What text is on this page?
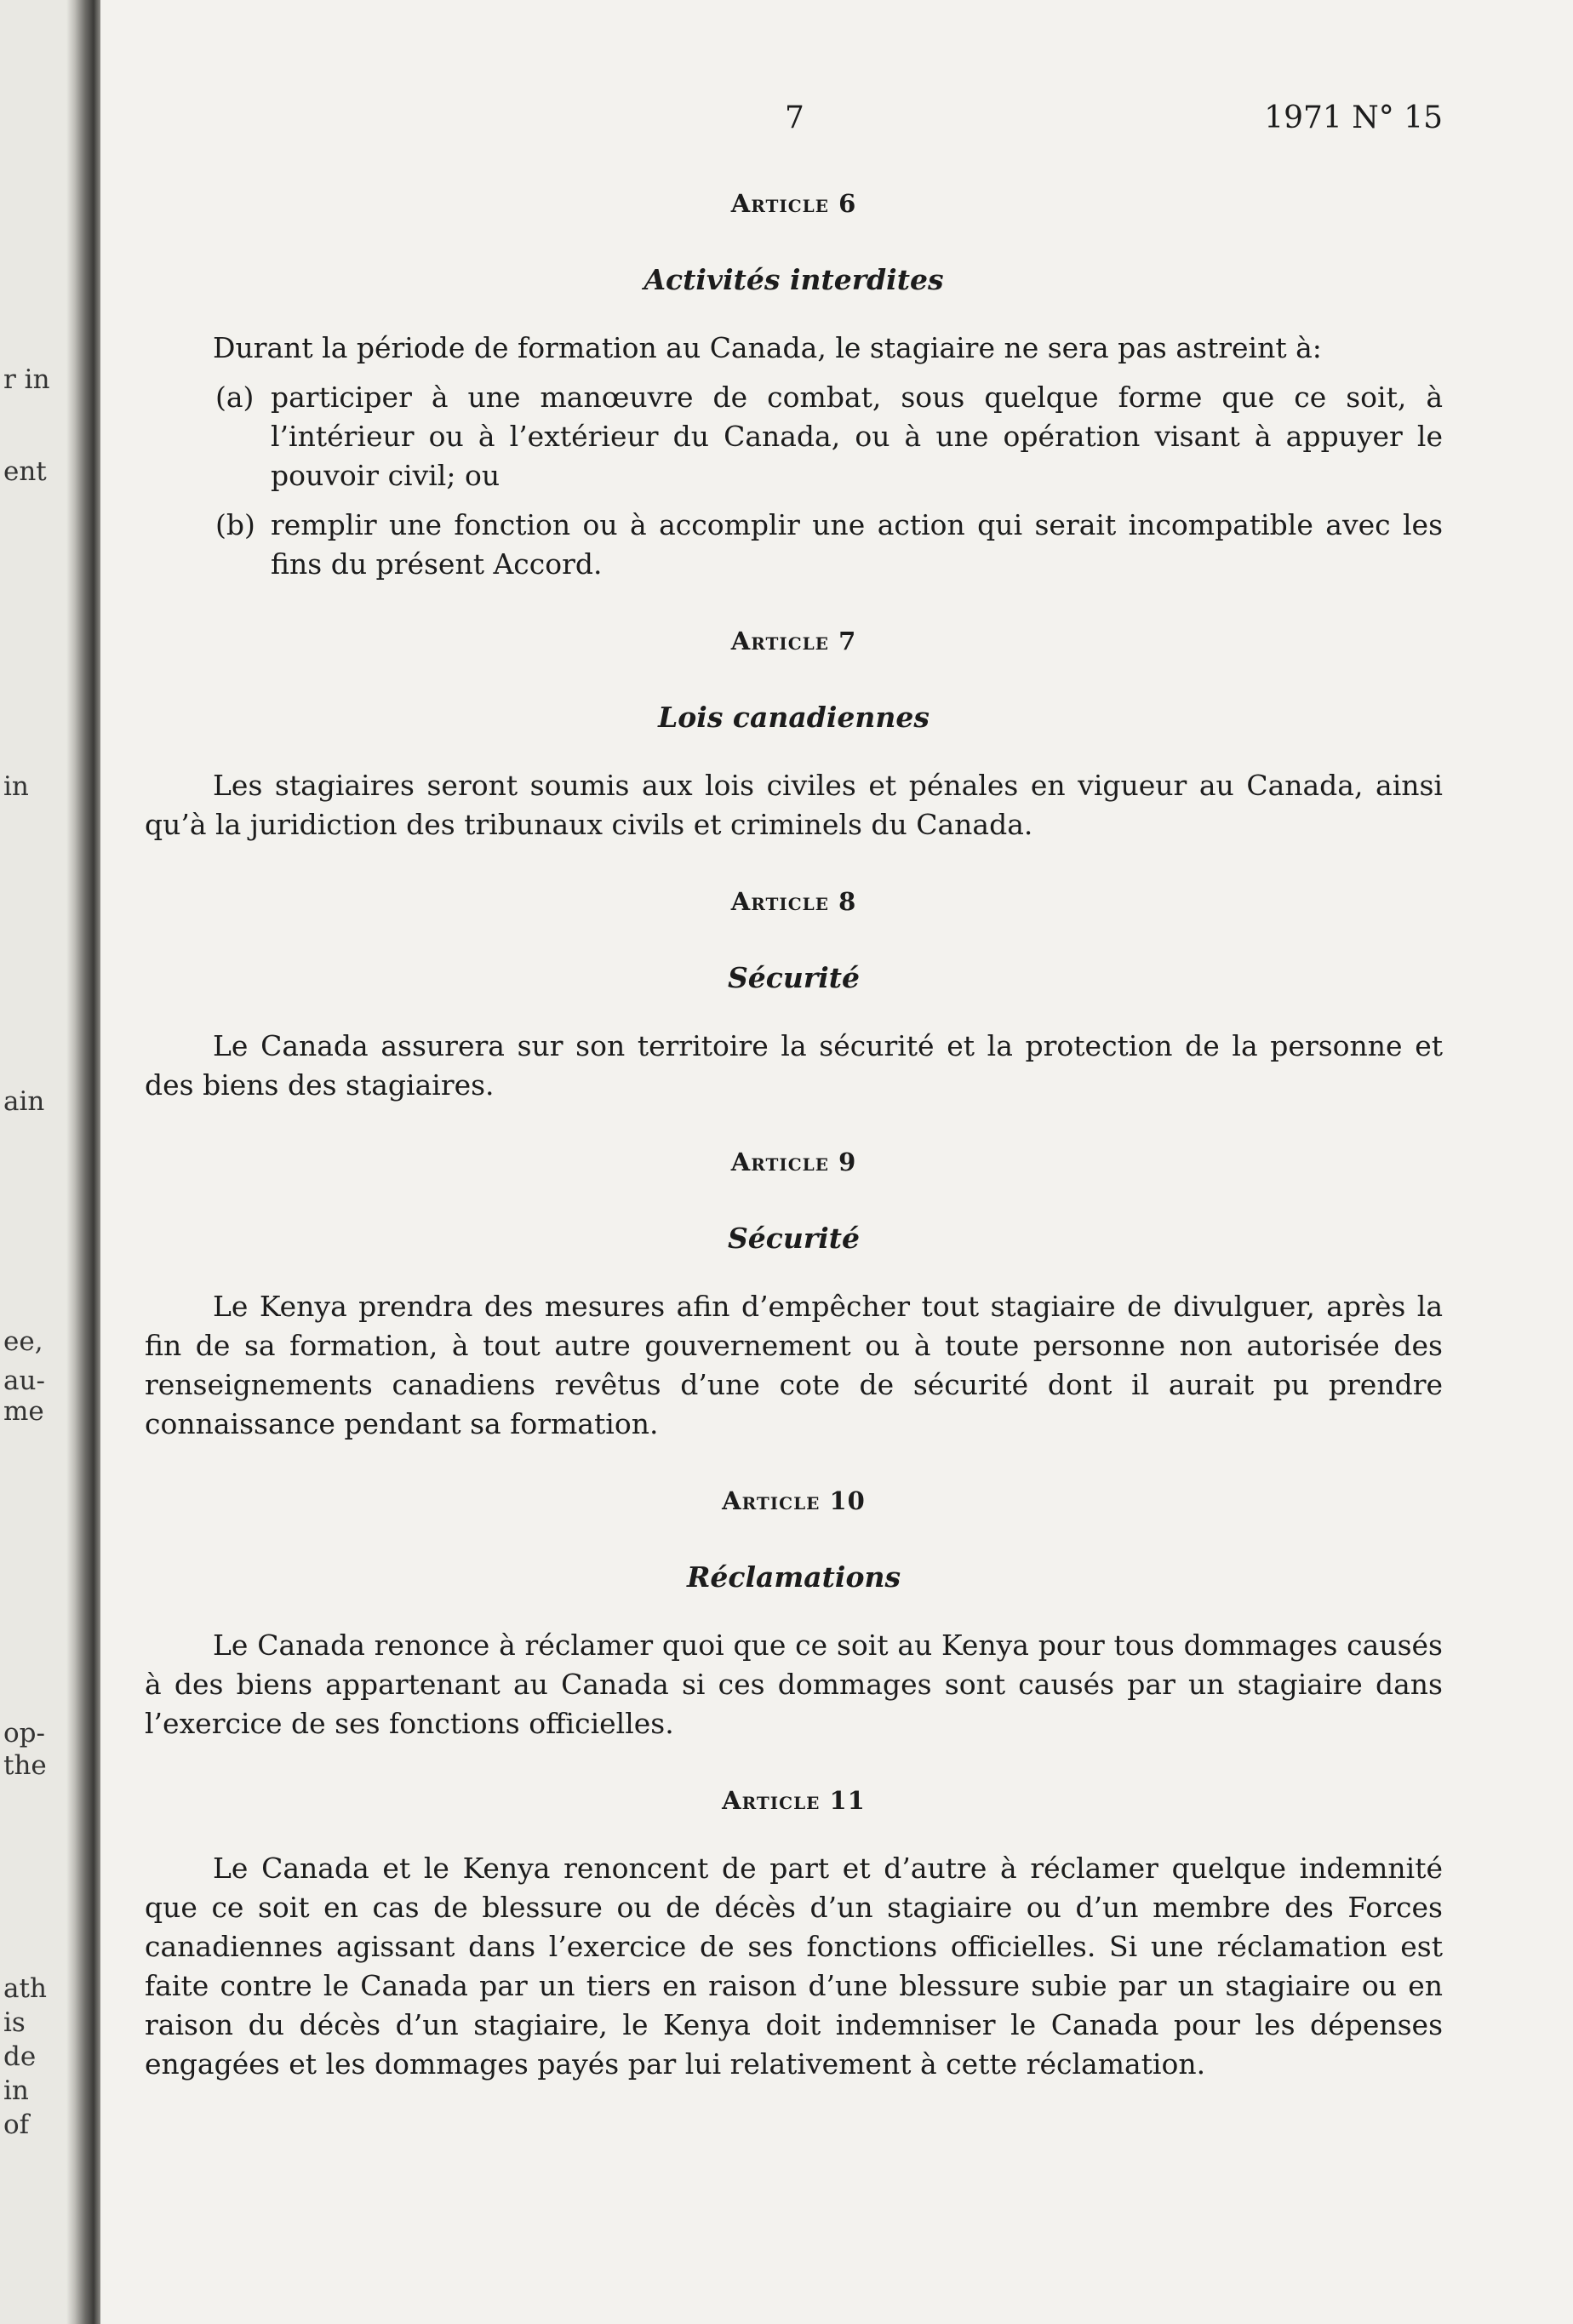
r in
ent
in
ain
ee,
au-
me
op-
the
ath
is
de
in
of
7	1971 N° 15
Article 6
Activités interdites

Durant la période de formation au Canada, le stagiaire ne sera pas astreint à:

(a) participer à une manœuvre de combat, sous quelque forme que ce soit, à l’intérieur ou à l’extérieur du Canada, ou à une opération visant à appuyer le pouvoir civil; ou
(b) remplir une fonction ou à accomplir une action qui serait incompatible avec les fins du présent Accord.
Article 7
Lois canadiennes

Les stagiaires seront soumis aux lois civiles et pénales en vigueur au Canada, ainsi qu’à la juridiction des tribunaux civils et criminels du Canada.

Article 8
Sécurité

Le Canada assurera sur son territoire la sécurité et la protection de la personne et des biens des stagiaires.

Article 9
Sécurité

Le Kenya prendra des mesures afin d’empêcher tout stagiaire de divulguer, après la fin de sa formation, à tout autre gouvernement ou à toute personne non autorisée des renseignements canadiens revêtus d’une cote de sécurité dont il aurait pu prendre connaissance pendant sa formation.

Article 10
Réclamations

Le Canada renonce à réclamer quoi que ce soit au Kenya pour tous dommages causés à des biens appartenant au Canada si ces dommages sont causés par un stagiaire dans l’exercice de ses fonctions officielles.

Article 11

Le Canada et le Kenya renoncent de part et d’autre à réclamer quelque indemnité que ce soit en cas de blessure ou de décès d’un stagiaire ou d’un membre des Forces canadiennes agissant dans l’exercice de ses fonctions officielles. Si une réclamation est faite contre le Canada par un tiers en raison d’une blessure subie par un stagiaire ou en raison du décès d’un stagiaire, le Kenya doit indemniser le Canada pour les dépenses engagées et les dommages payés par lui relativement à cette réclamation.
